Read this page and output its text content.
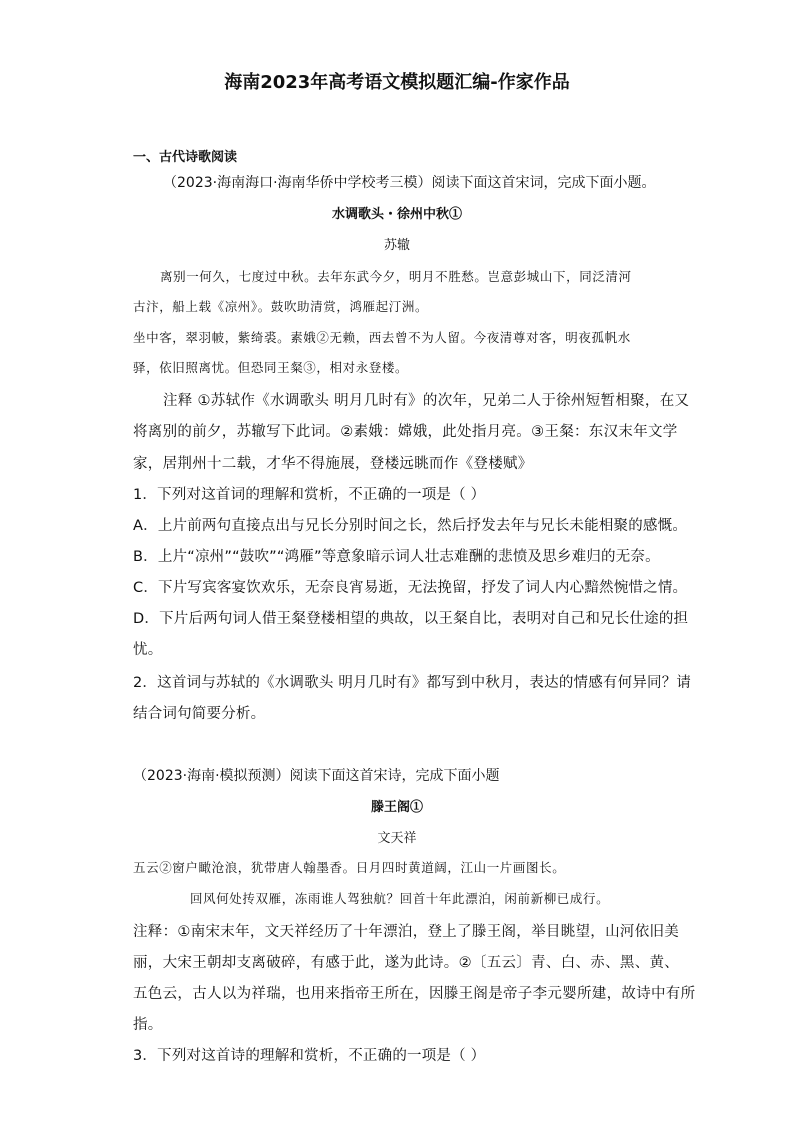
海南2023年高考语文模拟题汇编-作家作品
一、古代诗歌阅读
（2023·海南海口·海南华侨中学校考三模）阅读下面这首宋词，完成下面小题。
水调歌头・徐州中秋①
苏辙
离别一何久，七度过中秋。去年东武今夕，明月不胜愁。岂意彭城山下，同泛清河
古汴，船上载《凉州》。鼓吹助清赏，鸿雁起汀洲。
坐中客，翠羽帔，紫绮裘。素娥②无赖，西去曾不为人留。今夜清尊对客，明夜孤帆水
驿，依旧照离忧。但恐同王粲③，相对永登楼。
注释 ①苏轼作《水调歌头 明月几时有》的次年，兄弟二人于徐州短暂相聚，在又
将离别的前夕，苏辙写下此词。②素娥：嫦娥，此处指月亮。③王粲：东汉末年文学
家，居荆州十二载，才华不得施展，登楼远眺而作《登楼赋》
1．下列对这首词的理解和赏析，不正确的一项是（ ）
A．上片前两句直接点出与兄长分别时间之长，然后抒发去年与兄长未能相聚的感慨。
B．上片“凉州”“鼓吹”“鸿雁”等意象暗示词人壮志难酬的悲愤及思乡难归的无奈。
C．下片写宾客宴饮欢乐，无奈良宵易逝，无法挽留，抒发了词人内心黯然惋惜之情。
D．下片后两句词人借王粲登楼相望的典故，以王粲自比，表明对自己和兄长仕途的担
忧。
2．这首词与苏轼的《水调歌头 明月几时有》都写到中秋月，表达的情感有何异同？请
结合词句简要分析。
（2023·海南·模拟预测）阅读下面这首宋诗，完成下面小题
滕王阁①
文天祥
五云②窗户瞰沧浪，犹带唐人翰墨香。日月四时黄道阔，江山一片画图长。
回风何处抟双雁，冻雨谁人驾独航？回首十年此漂泊，闲前新柳已成行。
注释：①南宋末年，文天祥经历了十年漂泊，登上了滕王阁，举目眺望，山河依旧美
丽，大宋王朝却支离破碎，有感于此，遂为此诗。②〔五云〕青、白、赤、黑、黄、
五色云，古人以为祥瑞，也用来指帝王所在，因滕王阁是帝子李元婴所建，故诗中有所
指。
3．下列对这首诗的理解和赏析，不正确的一项是（ ）
